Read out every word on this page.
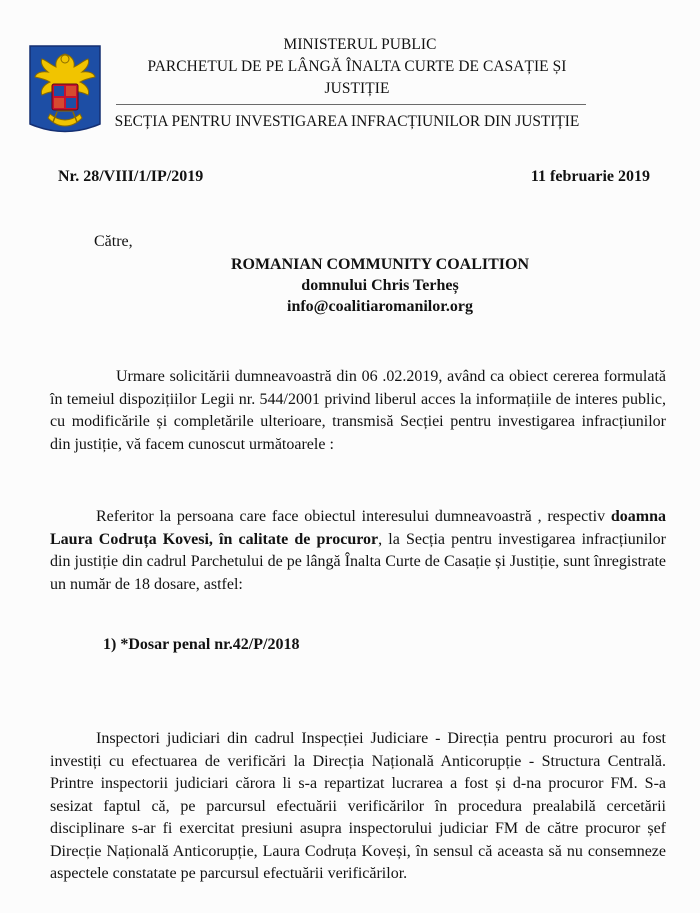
MINISTERUL PUBLIC
PARCHETUL DE PE LÂNGĂ ÎNALTA CURTE DE CASAȚIE ȘI
JUSTIȚIE
SECȚIA PENTRU INVESTIGAREA INFRACȚIUNILOR DIN JUSTIȚIE
Nr. 28/VIII/1/IP/2019	11 februarie 2019
Către,
ROMANIAN COMMUNITY COALITION
domnului Chris Terheș
info@coalitiaromanilor.org

Urmare solicitării dumneavoastră din 06 .02.2019, având ca obiect cererea formulată în temeiul dispozițiilor Legii nr. 544/2001 privind liberul acces la informațiile de interes public, cu modificările și completările ulterioare, transmisă Secției pentru investigarea infracțiunilor din justiție, vă facem cunoscut următoarele :

Referitor la persoana care face obiectul interesului dumneavoastră , respectiv doamna Laura Codruța Kovesi, în calitate de procuror, la Secția pentru investigarea infracțiunilor din justiție din cadrul Parchetului de pe lângă Înalta Curte de Casație și Justiție, sunt înregistrate un număr de 18 dosare, astfel:

1) *Dosar penal nr.42/P/2018

Inspectori judiciari din cadrul Inspecției Judiciare - Direcția pentru procurori au fost investiți cu efectuarea de verificări la Direcția Națională Anticorupție - Structura Centrală. Printre inspectorii judiciari cărora li s-a repartizat lucrarea a fost și d-na procuror FM. S-a sesizat faptul că, pe parcursul efectuării verificărilor în procedura prealabilă cercetării disciplinare s-ar fi exercitat presiuni asupra inspectorului judiciar FM de către procuror șef Direcție Națională Anticorupție, Laura Codruța Koveși, în sensul că aceasta să nu consemneze aspectele constatate pe parcursul efectuării verificărilor.
